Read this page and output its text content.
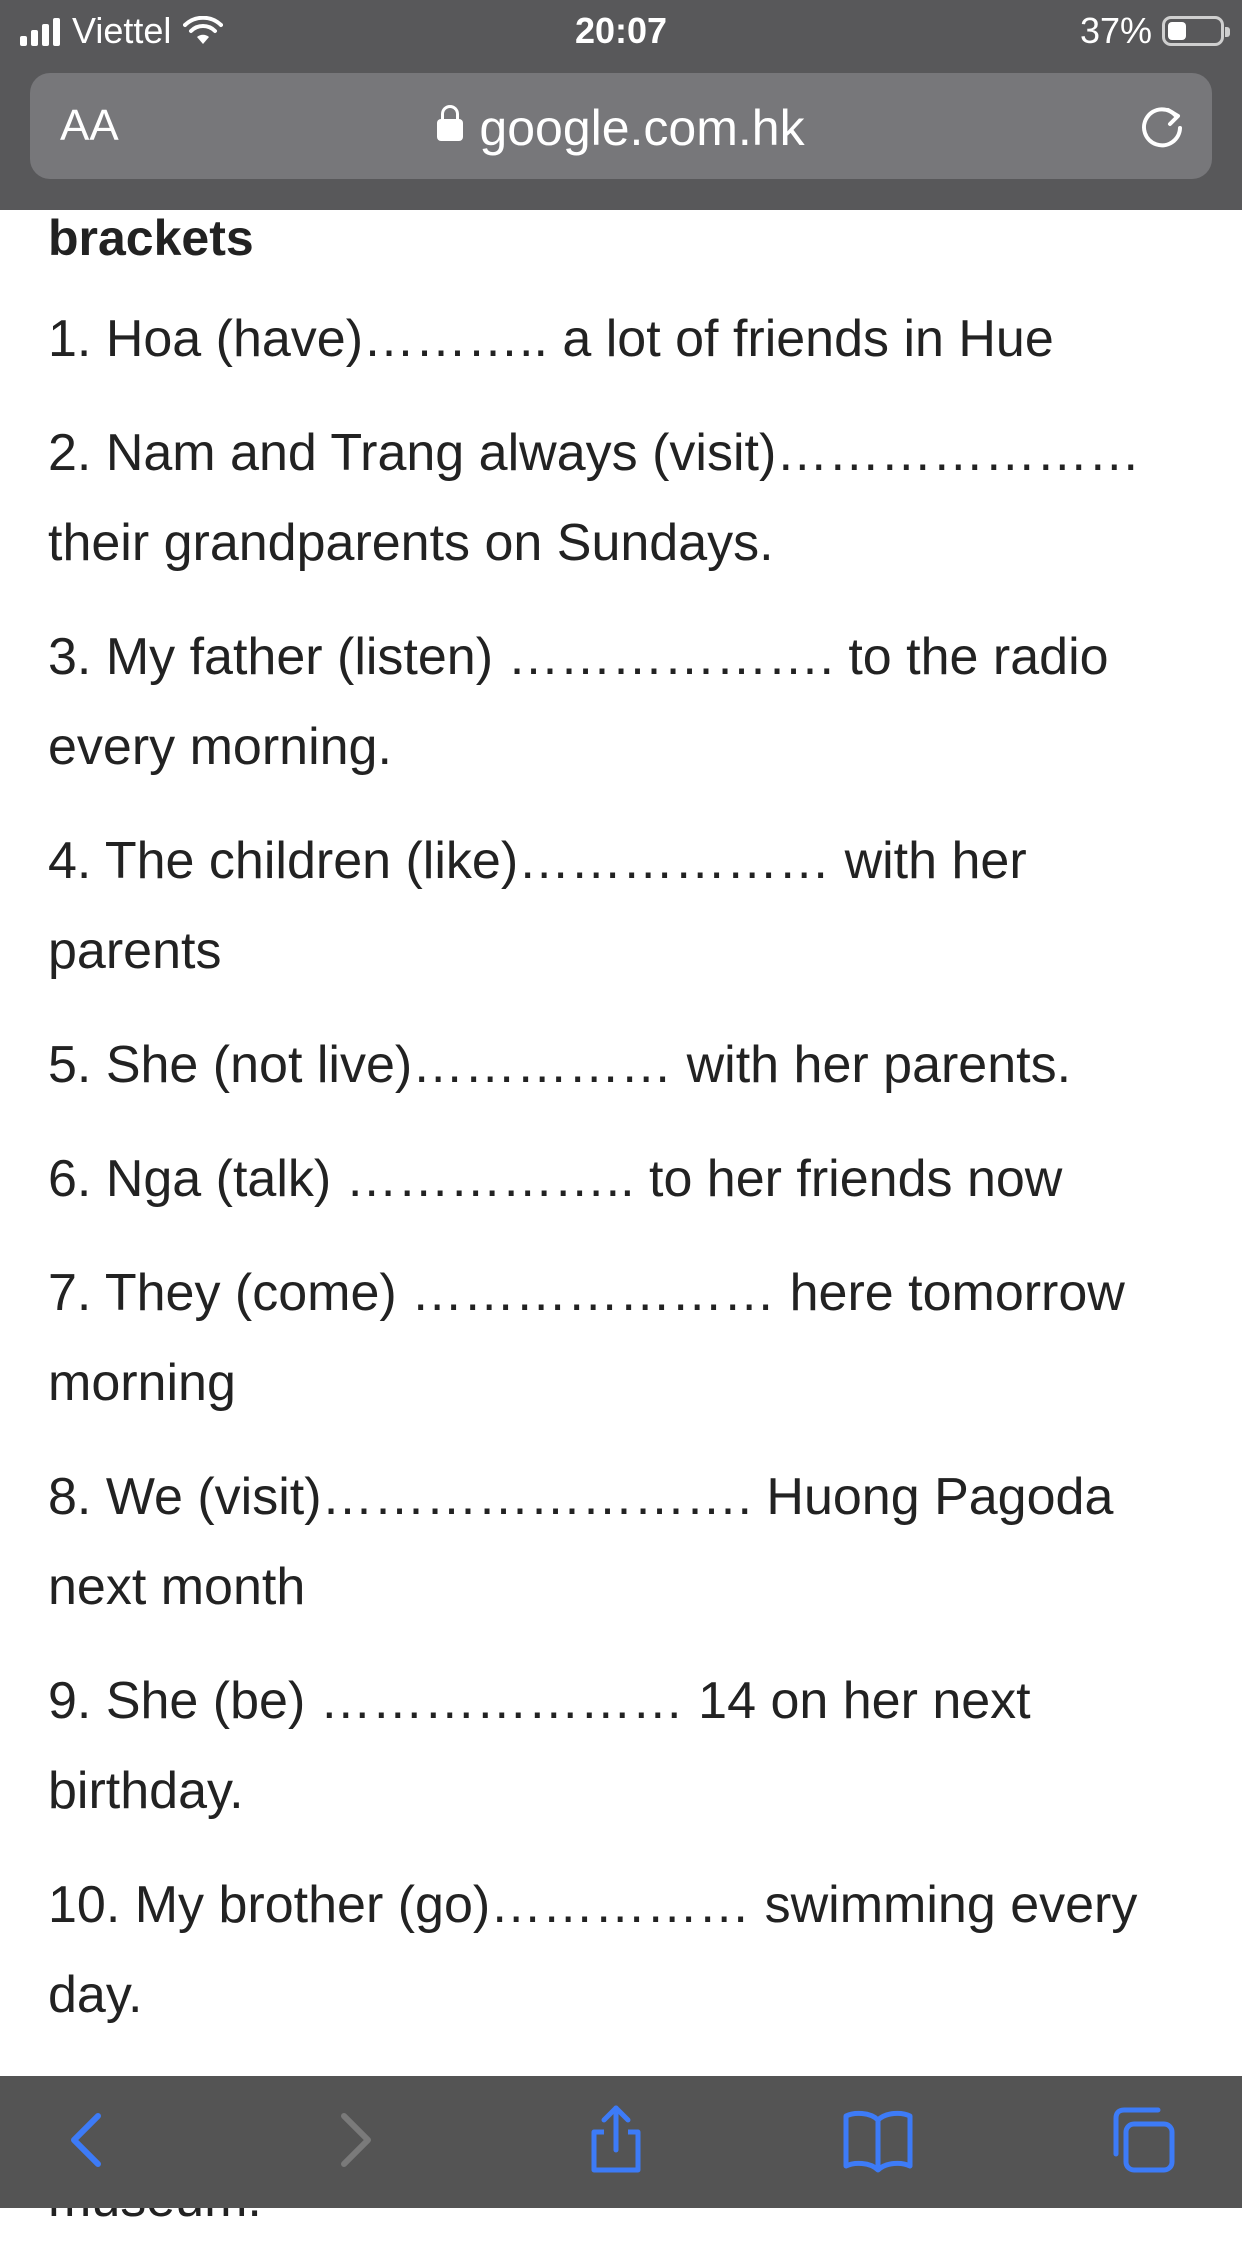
Viettel	20:07	37%
AA	google.com.hk

brackets

1. Hoa (have)……….. a lot of friends in Hue

2. Nam and Trang always (visit)………………… their grandparents on Sundays.

3. My father (listen) ………………. to the radio every morning.

4. The children (like)……………… with her parents

5. She (not live)…………… with her parents.

6. Nga (talk) …………….. to her friends now

7. They (come) ………………… here tomorrow morning

8. We (visit)……………………. Huong Pagoda next month

9. She (be) ………………… 14 on her next birthday.

10. My brother (go)…………… swimming every day.
